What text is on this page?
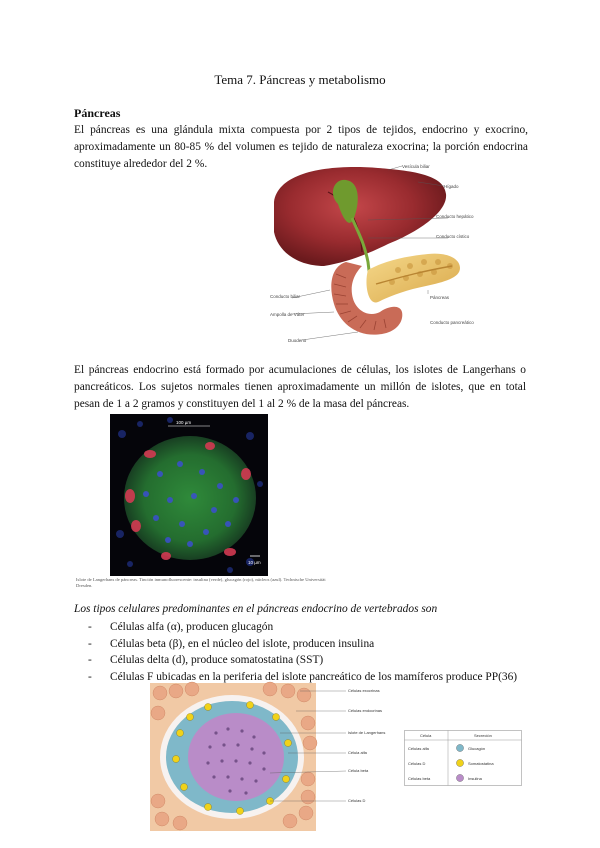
Tema 7. Páncreas y metabolismo
Páncreas
El páncreas es una glándula mixta compuesta por 2 tipos de tejidos, endocrino y exocrino, aproximadamente un 80-85 % del volumen es tejido de naturaleza exocrina; la porción endocrina constituye alrededor del 2 %.	Vesícula biliar
Hígado
Conducto hepático
Conducto cístico
Conducto biliar
Ampolla de Váter
Duodeno
Páncreas
Conducto pancreático
El páncreas endocrino está formado por acumulaciones de células, los islotes de Langerhans o pancreáticos. Los sujetos normales tienen aproximadamente un millón de islotes, que en total pesan de 1 a 2 gramos y constituyen del 1 al 2 % de la masa del páncreas.
100 µm
10 µm
Islote de Langerhans de páncreas. Tinción inmunofluorescente: insulina (verde), glucagón (rojo), núcleos (azul). Technische Universität Dresden.
Los tipos celulares predominantes en el páncreas endocrino de vertebrados son
-	Células alfa (α), producen glucagón
-	Células beta (β), en el núcleo del islote, producen insulina
-	Células delta (d), produce somatostatina (SST)
-	Células F ubicadas en la periferia del islote pancreático de los mamíferos produce PP(36)
Células exocrinas
Células endocrinas
Islote de Langerhans
Célula alfa
Célula beta
Células D
Célula	Secreción
Células alfa	Glucagón
Células D	Somatostatina
Células beta	Insulina
